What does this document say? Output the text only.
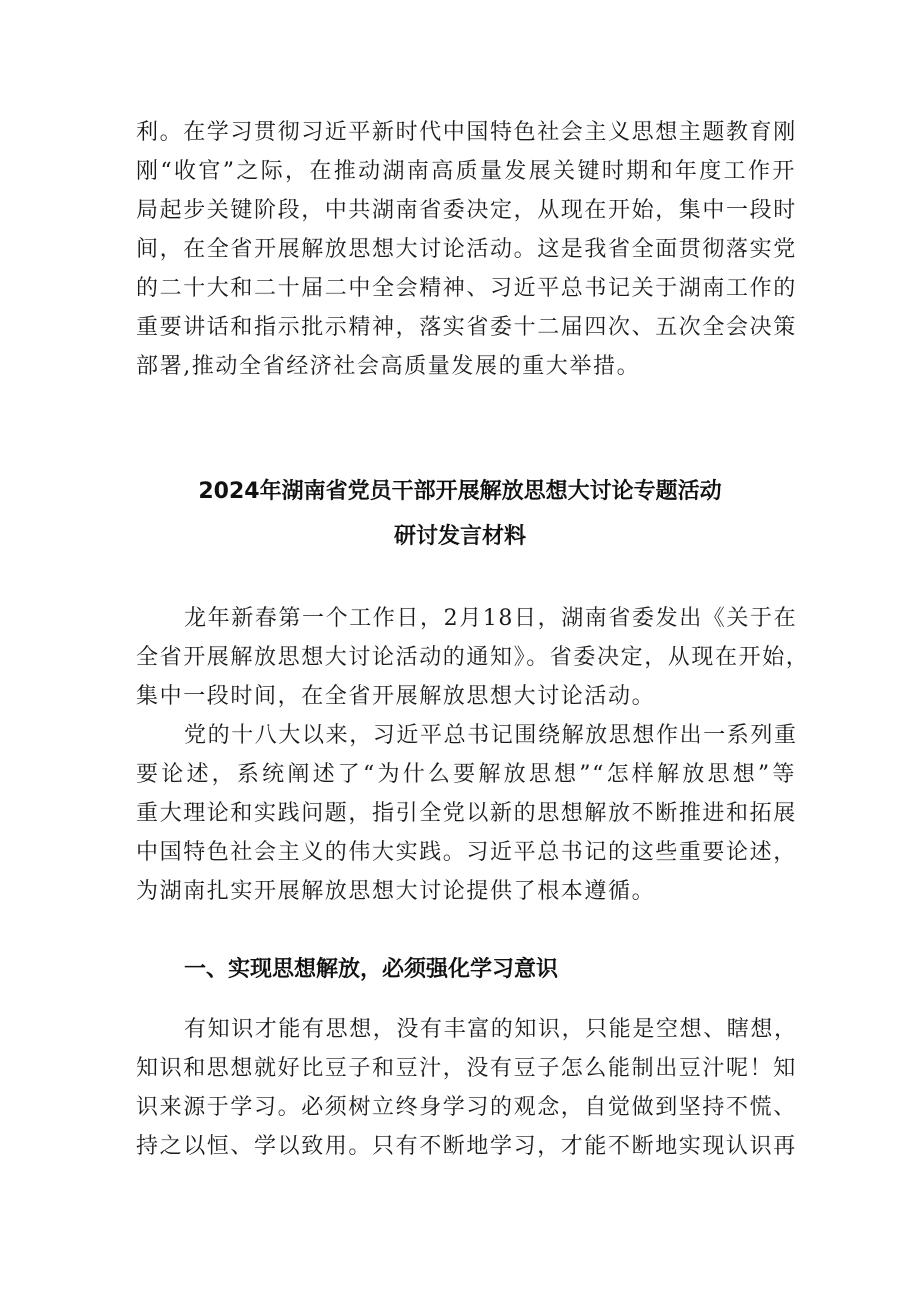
利。在学习贯彻习近平新时代中国特色社会主义思想主题教育刚
刚“收官”之际，在推动湖南高质量发展关键时期和年度工作开
局起步关键阶段，中共湖南省委决定，从现在开始，集中一段时
间，在全省开展解放思想大讨论活动。这是我省全面贯彻落实党
的二十大和二十届二中全会精神、习近平总书记关于湖南工作的
重要讲话和指示批示精神，落实省委十二届四次、五次全会决策
部署,推动全省经济社会高质量发展的重大举措。
2024年湖南省党员干部开展解放思想大讨论专题活动
研讨发言材料
龙年新春第一个工作日，2月18日，湖南省委发出《关于在
全省开展解放思想大讨论活动的通知》。省委决定，从现在开始，
集中一段时间，在全省开展解放思想大讨论活动。
党的十八大以来，习近平总书记围绕解放思想作出一系列重
要论述，系统阐述了“为什么要解放思想”“怎样解放思想”等
重大理论和实践问题，指引全党以新的思想解放不断推进和拓展
中国特色社会主义的伟大实践。习近平总书记的这些重要论述，
为湖南扎实开展解放思想大讨论提供了根本遵循。
一、实现思想解放，必须强化学习意识
有知识才能有思想，没有丰富的知识，只能是空想、瞎想，
知识和思想就好比豆子和豆汁，没有豆子怎么能制出豆汁呢！知
识来源于学习。必须树立终身学习的观念，自觉做到坚持不慌、
持之以恒、学以致用。只有不断地学习，才能不断地实现认识再
